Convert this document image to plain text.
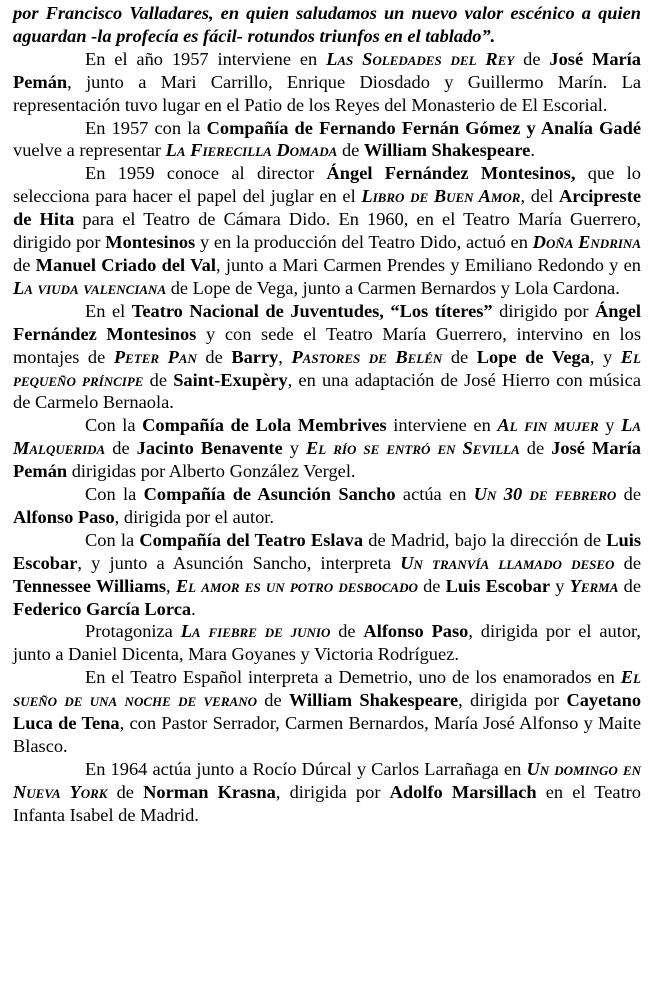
por Francisco Valladares, en quien saludamos un nuevo valor escénico a quien aguardan -la profecía es fácil- rotundos triunfos en el tablado”.

En el año 1957 interviene en Las Soledades del Rey de José María Pemán, junto a Mari Carrillo, Enrique Diosdado y Guillermo Marín. La representación tuvo lugar en el Patio de los Reyes del Monasterio de El Escorial.

En 1957 con la Compañía de Fernando Fernán Gómez y Analía Gadé vuelve a representar La Fierecilla Domada de William Shakespeare.

En 1959 conoce al director Ángel Fernández Montesinos, que lo selecciona para hacer el papel del juglar en el Libro de Buen Amor, del Arcipreste de Hita para el Teatro de Cámara Dido. En 1960, en el Teatro María Guerrero, dirigido por Montesinos y en la producción del Teatro Dido, actuó en Doña Endrina de Manuel Criado del Val, junto a Mari Carmen Prendes y Emiliano Redondo y en La viuda valenciana de Lope de Vega, junto a Carmen Bernardos y Lola Cardona.

En el Teatro Nacional de Juventudes, “Los títeres” dirigido por Ángel Fernández Montesinos y con sede el Teatro María Guerrero, intervino en los montajes de Peter Pan de Barry, Pastores de Belén de Lope de Vega, y El pequeño príncipe de Saint-Exupèry, en una adaptación de José Hierro con música de Carmelo Bernaola.

Con la Compañía de Lola Membrives interviene en Al fin mujer y La Malquerida de Jacinto Benavente y El río se entró en Sevilla de José María Pemán dirigidas por Alberto González Vergel.

Con la Compañía de Asunción Sancho actúa en Un 30 de febrero de Alfonso Paso, dirigida por el autor.

Con la Compañía del Teatro Eslava de Madrid, bajo la dirección de Luis Escobar, y junto a Asunción Sancho, interpreta Un tranvía llamado deseo de Tennessee Williams, El amor es un potro desbocado de Luis Escobar y Yerma de Federico García Lorca.

Protagoniza La fiebre de junio de Alfonso Paso, dirigida por el autor, junto a Daniel Dicenta, Mara Goyanes y Victoria Rodríguez.

En el Teatro Español interpreta a Demetrio, uno de los enamorados en El sueño de una noche de verano de William Shakespeare, dirigida por Cayetano Luca de Tena, con Pastor Serrador, Carmen Bernardos, María José Alfonso y Maite Blasco.

En 1964 actúa junto a Rocío Dúrcal y Carlos Larrañaga en Un domingo en Nueva York de Norman Krasna, dirigida por Adolfo Marsillach en el Teatro Infanta Isabel de Madrid.
